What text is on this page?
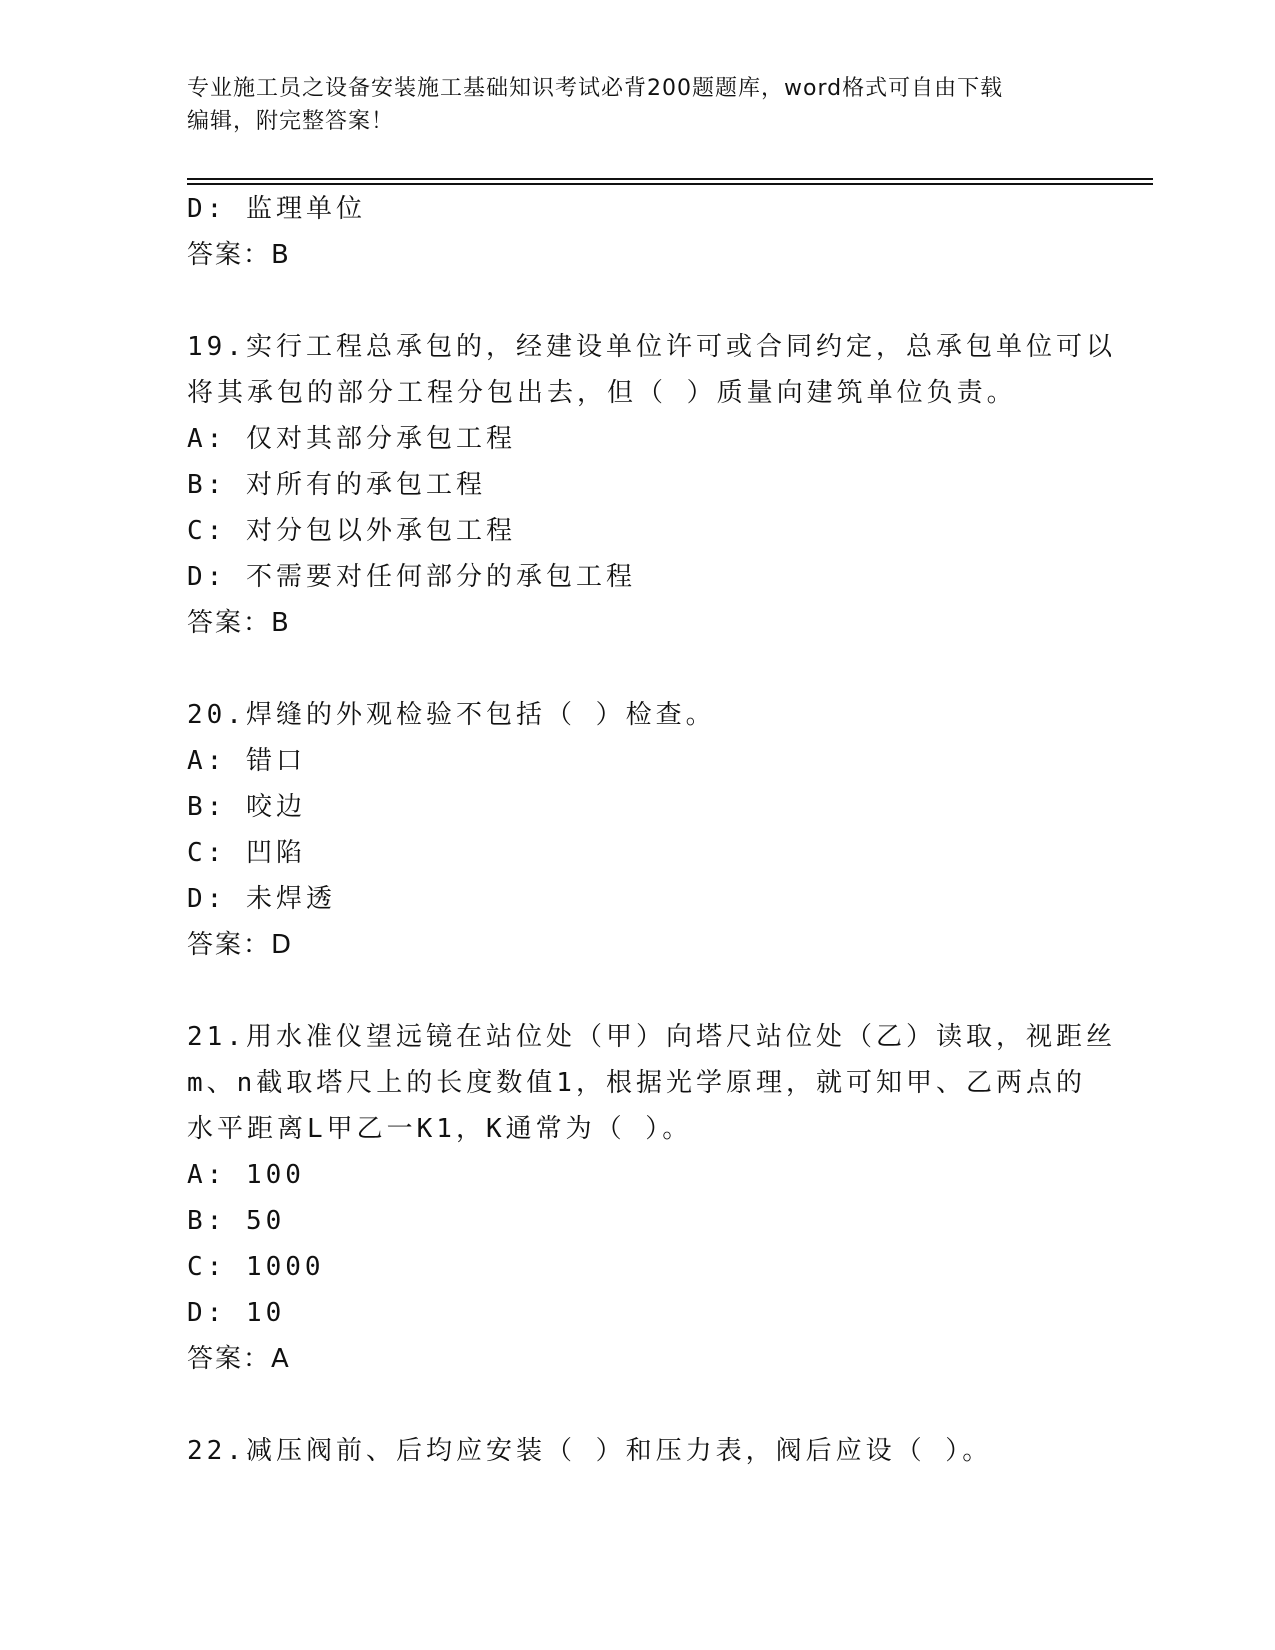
专业施工员之设备安装施工基础知识考试必背200题题库，word格式可自由下载
编辑，附完整答案！
D: 监理单位
答案：B
19.实行工程总承包的，经建设单位许可或合同约定，总承包单位可以
将其承包的部分工程分包出去，但（ ）质量向建筑单位负责。
A: 仅对其部分承包工程
B: 对所有的承包工程
C: 对分包以外承包工程
D: 不需要对任何部分的承包工程
答案：B
20.焊缝的外观检验不包括（ ）检查。
A: 错口
B: 咬边
C: 凹陷
D: 未焊透
答案：D
21.用水准仪望远镜在站位处（甲）向塔尺站位处（乙）读取，视距丝
m、n截取塔尺上的长度数值1，根据光学原理，就可知甲、乙两点的
水平距离L甲乙一K1，K通常为（ ）。
A: 100
B: 50
C: 1000
D: 10
答案：A
22.减压阀前、后均应安装（ ）和压力表，阀后应设（ ）。
